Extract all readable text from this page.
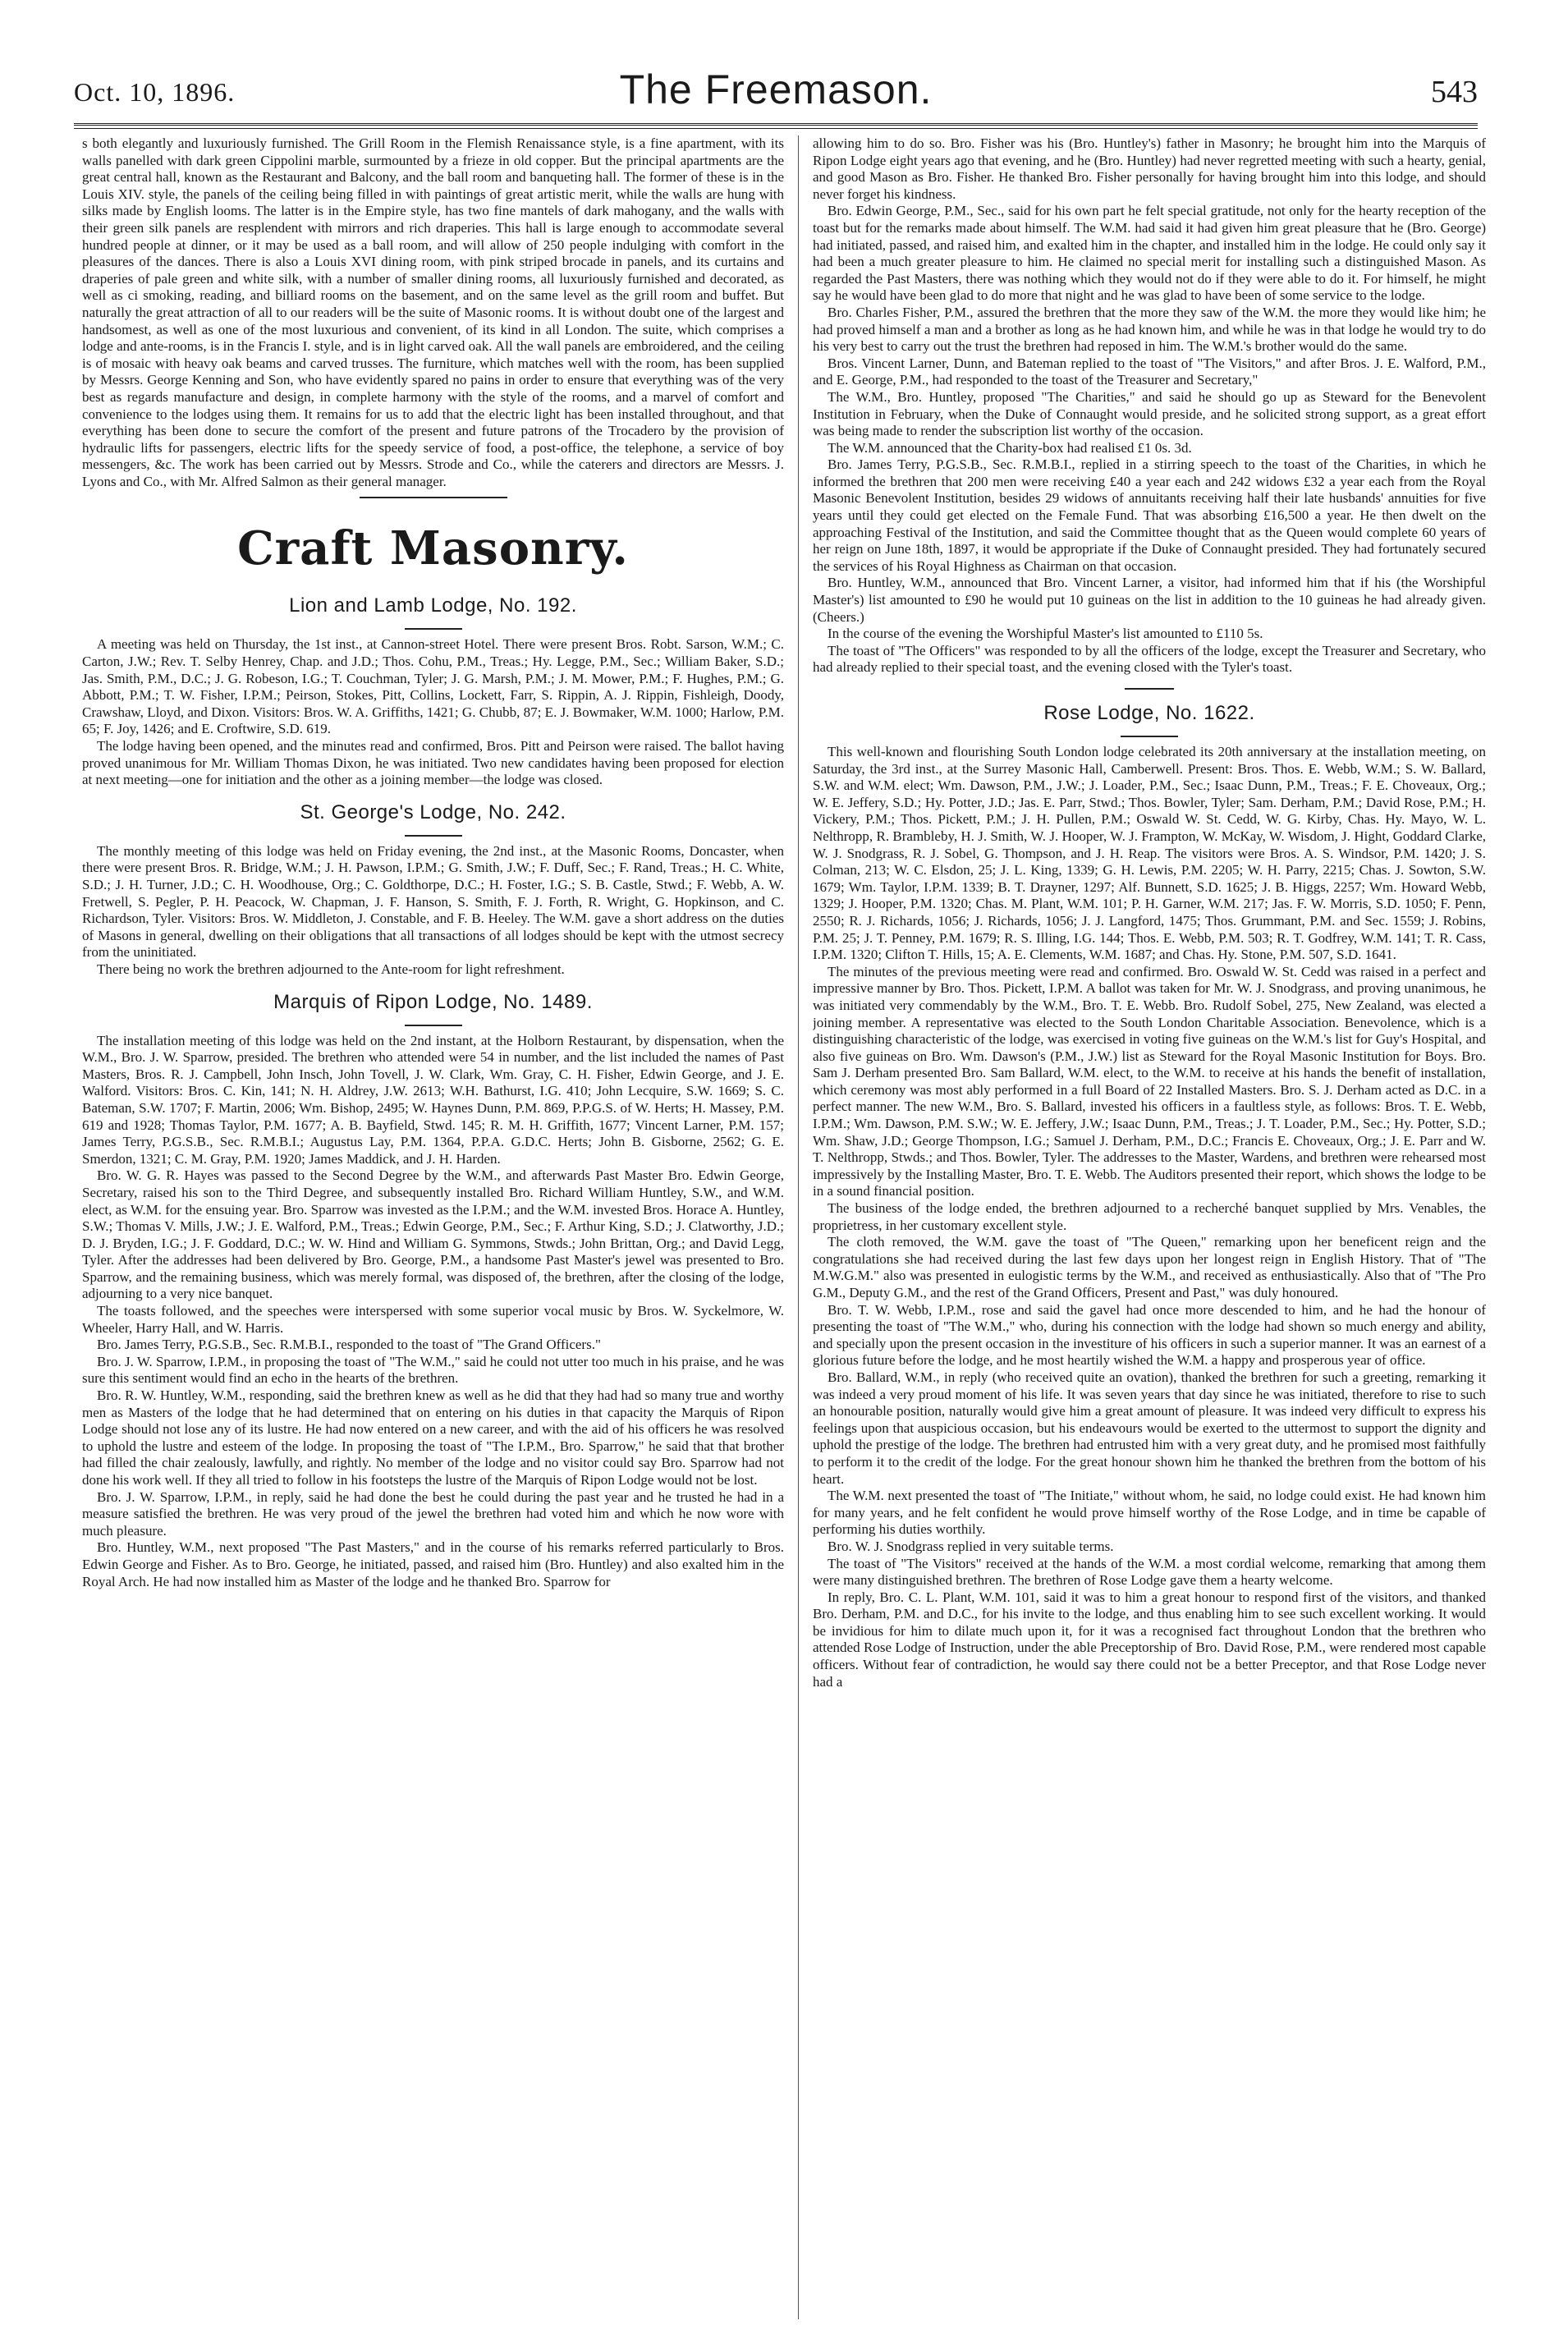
Oct. 10, 1896.	The Freemason.	543

s both elegantly and luxuriously furnished. The Grill Room in the Flemish Renaissance style, is a fine apartment, with its walls panelled with dark green Cippolini marble, surmounted by a frieze in old copper. But the principal apartments are the great central hall, known as the Restaurant and Balcony, and the ball room and banqueting hall. The former of these is in the Louis XIV. style, the panels of the ceiling being filled in with paintings of great artistic merit, while the walls are hung with silks made by English looms. The latter is in the Empire style, has two fine mantels of dark mahogany, and the walls with their green silk panels are resplendent with mirrors and rich draperies. This hall is large enough to accommodate several hundred people at dinner, or it may be used as a ball room, and will allow of 250 people indulging with comfort in the pleasures of the dances. There is also a Louis XVI dining room, with pink striped brocade in panels, and its curtains and draperies of pale green and white silk, with a number of smaller dining rooms, all luxuriously furnished and decorated, as well as ci smoking, reading, and billiard rooms on the basement, and on the same level as the grill room and buffet. But naturally the great attraction of all to our readers will be the suite of Masonic rooms. It is without doubt one of the largest and handsomest, as well as one of the most luxurious and convenient, of its kind in all London. The suite, which comprises a lodge and ante-rooms, is in the Francis I. style, and is in light carved oak. All the wall panels are embroidered, and the ceiling is of mosaic with heavy oak beams and carved trusses. The furniture, which matches well with the room, has been supplied by Messrs. George Kenning and Son, who have evidently spared no pains in order to ensure that everything was of the very best as regards manufacture and design, in complete harmony with the style of the rooms, and a marvel of comfort and convenience to the lodges using them. It remains for us to add that the electric light has been installed throughout, and that everything has been done to secure the comfort of the present and future patrons of the Trocadero by the provision of hydraulic lifts for passengers, electric lifts for the speedy service of food, a post-office, the telephone, a service of boy messengers, &c. The work has been carried out by Messrs. Strode and Co., while the caterers and directors are Messrs. J. Lyons and Co., with Mr. Alfred Salmon as their general manager.

Craft Masonry.
Lion and Lamb Lodge, No. 192.

A meeting was held on Thursday, the 1st inst., at Cannon-street Hotel. There were present Bros. Robt. Sarson, W.M.; C. Carton, J.W.; Rev. T. Selby Henrey, Chap. and J.D.; Thos. Cohu, P.M., Treas.; Hy. Legge, P.M., Sec.; William Baker, S.D.; Jas. Smith, P.M., D.C.; J. G. Robeson, I.G.; T. Couchman, Tyler; J. G. Marsh, P.M.; J. M. Mower, P.M.; F. Hughes, P.M.; G. Abbott, P.M.; T. W. Fisher, I.P.M.; Peirson, Stokes, Pitt, Collins, Lockett, Farr, S. Rippin, A. J. Rippin, Fishleigh, Doody, Crawshaw, Lloyd, and Dixon. Visitors: Bros. W. A. Griffiths, 1421; G. Chubb, 87; E. J. Bowmaker, W.M. 1000; Harlow, P.M. 65; F. Joy, 1426; and E. Croftwire, S.D. 619.

The lodge having been opened, and the minutes read and confirmed, Bros. Pitt and Peirson were raised. The ballot having proved unanimous for Mr. William Thomas Dixon, he was initiated. Two new candidates having been proposed for election at next meeting—one for initiation and the other as a joining member—the lodge was closed.

St. George's Lodge, No. 242.

The monthly meeting of this lodge was held on Friday evening, the 2nd inst., at the Masonic Rooms, Doncaster, when there were present Bros. R. Bridge, W.M.; J. H. Pawson, I.P.M.; G. Smith, J.W.; F. Duff, Sec.; F. Rand, Treas.; H. C. White, S.D.; J. H. Turner, J.D.; C. H. Woodhouse, Org.; C. Goldthorpe, D.C.; H. Foster, I.G.; S. B. Castle, Stwd.; F. Webb, A. W. Fretwell, S. Pegler, P. H. Peacock, W. Chapman, J. F. Hanson, S. Smith, F. J. Forth, R. Wright, G. Hopkinson, and C. Richardson, Tyler. Visitors: Bros. W. Middleton, J. Constable, and F. B. Heeley. The W.M. gave a short address on the duties of Masons in general, dwelling on their obligations that all transactions of all lodges should be kept with the utmost secrecy from the uninitiated.

There being no work the brethren adjourned to the Ante-room for light refreshment.

Marquis of Ripon Lodge, No. 1489.

The installation meeting of this lodge was held on the 2nd instant, at the Holborn Restaurant, by dispensation, when the W.M., Bro. J. W. Sparrow, presided. The brethren who attended were 54 in number, and the list included the names of Past Masters, Bros. R. J. Campbell, John Insch, John Tovell, J. W. Clark, Wm. Gray, C. H. Fisher, Edwin George, and J. E. Walford. Visitors: Bros. C. Kin, 141; N. H. Aldrey, J.W. 2613; W.H. Bathurst, I.G. 410; John Lecquire, S.W. 1669; S. C. Bateman, S.W. 1707; F. Martin, 2006; Wm. Bishop, 2495; W. Haynes Dunn, P.M. 869, P.P.G.S. of W. Herts; H. Massey, P.M. 619 and 1928; Thomas Taylor, P.M. 1677; A. B. Bayfield, Stwd. 145; R. M. H. Griffith, 1677; Vincent Larner, P.M. 157; James Terry, P.G.S.B., Sec. R.M.B.I.; Augustus Lay, P.M. 1364, P.P.A. G.D.C. Herts; John B. Gisborne, 2562; G. E. Smerdon, 1321; C. M. Gray, P.M. 1920; James Maddick, and J. H. Harden.

Bro. W. G. R. Hayes was passed to the Second Degree by the W.M., and afterwards Past Master Bro. Edwin George, Secretary, raised his son to the Third Degree, and subsequently installed Bro. Richard William Huntley, S.W., and W.M. elect, as W.M. for the ensuing year. Bro. Sparrow was invested as the I.P.M.; and the W.M. invested Bros. Horace A. Huntley, S.W.; Thomas V. Mills, J.W.; J. E. Walford, P.M., Treas.; Edwin George, P.M., Sec.; F. Arthur King, S.D.; J. Clatworthy, J.D.; D. J. Bryden, I.G.; J. F. Goddard, D.C.; W. W. Hind and William G. Symmons, Stwds.; John Brittan, Org.; and David Legg, Tyler. After the addresses had been delivered by Bro. George, P.M., a handsome Past Master's jewel was presented to Bro. Sparrow, and the remaining business, which was merely formal, was disposed of, the brethren, after the closing of the lodge, adjourning to a very nice banquet.

The toasts followed, and the speeches were interspersed with some superior vocal music by Bros. W. Syckelmore, W. Wheeler, Harry Hall, and W. Harris.

Bro. James Terry, P.G.S.B., Sec. R.M.B.I., responded to the toast of "The Grand Officers."

Bro. J. W. Sparrow, I.P.M., in proposing the toast of "The W.M.," said he could not utter too much in his praise, and he was sure this sentiment would find an echo in the hearts of the brethren.

Bro. R. W. Huntley, W.M., responding, said the brethren knew as well as he did that they had had so many true and worthy men as Masters of the lodge that he had determined that on entering on his duties in that capacity the Marquis of Ripon Lodge should not lose any of its lustre. He had now entered on a new career, and with the aid of his officers he was resolved to uphold the lustre and esteem of the lodge. In proposing the toast of "The I.P.M., Bro. Sparrow," he said that that brother had filled the chair zealously, lawfully, and rightly. No member of the lodge and no visitor could say Bro. Sparrow had not done his work well. If they all tried to follow in his footsteps the lustre of the Marquis of Ripon Lodge would not be lost.

Bro. J. W. Sparrow, I.P.M., in reply, said he had done the best he could during the past year and he trusted he had in a measure satisfied the brethren. He was very proud of the jewel the brethren had voted him and which he now wore with much pleasure.

Bro. Huntley, W.M., next proposed "The Past Masters," and in the course of his remarks referred particularly to Bros. Edwin George and Fisher. As to Bro. George, he initiated, passed, and raised him (Bro. Huntley) and also exalted him in the Royal Arch. He had now installed him as Master of the lodge and he thanked Bro. Sparrow for

allowing him to do so. Bro. Fisher was his (Bro. Huntley's) father in Masonry; he brought him into the Marquis of Ripon Lodge eight years ago that evening, and he (Bro. Huntley) had never regretted meeting with such a hearty, genial, and good Mason as Bro. Fisher. He thanked Bro. Fisher personally for having brought him into this lodge, and should never forget his kindness.

Bro. Edwin George, P.M., Sec., said for his own part he felt special gratitude, not only for the hearty reception of the toast but for the remarks made about himself. The W.M. had said it had given him great pleasure that he (Bro. George) had initiated, passed, and raised him, and exalted him in the chapter, and installed him in the lodge. He could only say it had been a much greater pleasure to him. He claimed no special merit for installing such a distinguished Mason. As regarded the Past Masters, there was nothing which they would not do if they were able to do it. For himself, he might say he would have been glad to do more that night and he was glad to have been of some service to the lodge.

Bro. Charles Fisher, P.M., assured the brethren that the more they saw of the W.M. the more they would like him; he had proved himself a man and a brother as long as he had known him, and while he was in that lodge he would try to do his very best to carry out the trust the brethren had reposed in him. The W.M.'s brother would do the same.

Bros. Vincent Larner, Dunn, and Bateman replied to the toast of "The Visitors," and after Bros. J. E. Walford, P.M., and E. George, P.M., had responded to the toast of the Treasurer and Secretary,"

The W.M., Bro. Huntley, proposed "The Charities," and said he should go up as Steward for the Benevolent Institution in February, when the Duke of Connaught would preside, and he solicited strong support, as a great effort was being made to render the subscription list worthy of the occasion.

The W.M. announced that the Charity-box had realised £1 0s. 3d.

Bro. James Terry, P.G.S.B., Sec. R.M.B.I., replied in a stirring speech to the toast of the Charities, in which he informed the brethren that 200 men were receiving £40 a year each and 242 widows £32 a year each from the Royal Masonic Benevolent Institution, besides 29 widows of annuitants receiving half their late husbands' annuities for five years until they could get elected on the Female Fund. That was absorbing £16,500 a year. He then dwelt on the approaching Festival of the Institution, and said the Committee thought that as the Queen would complete 60 years of her reign on June 18th, 1897, it would be appropriate if the Duke of Connaught presided. They had fortunately secured the services of his Royal Highness as Chairman on that occasion.

Bro. Huntley, W.M., announced that Bro. Vincent Larner, a visitor, had informed him that if his (the Worshipful Master's) list amounted to £90 he would put 10 guineas on the list in addition to the 10 guineas he had already given. (Cheers.)

In the course of the evening the Worshipful Master's list amounted to £110 5s.

The toast of "The Officers" was responded to by all the officers of the lodge, except the Treasurer and Secretary, who had already replied to their special toast, and the evening closed with the Tyler's toast.

Rose Lodge, No. 1622.

This well-known and flourishing South London lodge celebrated its 20th anniversary at the installation meeting, on Saturday, the 3rd inst., at the Surrey Masonic Hall, Camberwell. Present: Bros. Thos. E. Webb, W.M.; S. W. Ballard, S.W. and W.M. elect; Wm. Dawson, P.M., J.W.; J. Loader, P.M., Sec.; Isaac Dunn, P.M., Treas.; F. E. Choveaux, Org.; W. E. Jeffery, S.D.; Hy. Potter, J.D.; Jas. E. Parr, Stwd.; Thos. Bowler, Tyler; Sam. Derham, P.M.; David Rose, P.M.; H. Vickery, P.M.; Thos. Pickett, P.M.; J. H. Pullen, P.M.; Oswald W. St. Cedd, W. G. Kirby, Chas. Hy. Mayo, W. L. Nelthropp, R. Brambleby, H. J. Smith, W. J. Hooper, W. J. Frampton, W. McKay, W. Wisdom, J. Hight, Goddard Clarke, W. J. Snodgrass, R. J. Sobel, G. Thompson, and J. H. Reap. The visitors were Bros. A. S. Windsor, P.M. 1420; J. S. Colman, 213; W. C. Elsdon, 25; J. L. King, 1339; G. H. Lewis, P.M. 2205; W. H. Parry, 2215; Chas. J. Sowton, S.W. 1679; Wm. Taylor, I.P.M. 1339; B. T. Drayner, 1297; Alf. Bunnett, S.D. 1625; J. B. Higgs, 2257; Wm. Howard Webb, 1329; J. Hooper, P.M. 1320; Chas. M. Plant, W.M. 101; P. H. Garner, W.M. 217; Jas. F. W. Morris, S.D. 1050; F. Penn, 2550; R. J. Richards, 1056; J. Richards, 1056; J. J. Langford, 1475; Thos. Grummant, P.M. and Sec. 1559; J. Robins, P.M. 25; J. T. Penney, P.M. 1679; R. S. Illing, I.G. 144; Thos. E. Webb, P.M. 503; R. T. Godfrey, W.M. 141; T. R. Cass, I.P.M. 1320; Clifton T. Hills, 15; A. E. Clements, W.M. 1687; and Chas. Hy. Stone, P.M. 507, S.D. 1641.

The minutes of the previous meeting were read and confirmed. Bro. Oswald W. St. Cedd was raised in a perfect and impressive manner by Bro. Thos. Pickett, I.P.M. A ballot was taken for Mr. W. J. Snodgrass, and proving unanimous, he was initiated very commendably by the W.M., Bro. T. E. Webb. Bro. Rudolf Sobel, 275, New Zealand, was elected a joining member. A representative was elected to the South London Charitable Association. Benevolence, which is a distinguishing characteristic of the lodge, was exercised in voting five guineas on the W.M.'s list for Guy's Hospital, and also five guineas on Bro. Wm. Dawson's (P.M., J.W.) list as Steward for the Royal Masonic Institution for Boys. Bro. Sam J. Derham presented Bro. Sam Ballard, W.M. elect, to the W.M. to receive at his hands the benefit of installation, which ceremony was most ably performed in a full Board of 22 Installed Masters. Bro. S. J. Derham acted as D.C. in a perfect manner. The new W.M., Bro. S. Ballard, invested his officers in a faultless style, as follows: Bros. T. E. Webb, I.P.M.; Wm. Dawson, P.M. S.W.; W. E. Jeffery, J.W.; Isaac Dunn, P.M., Treas.; J. T. Loader, P.M., Sec.; Hy. Potter, S.D.; Wm. Shaw, J.D.; George Thompson, I.G.; Samuel J. Derham, P.M., D.C.; Francis E. Choveaux, Org.; J. E. Parr and W. T. Nelthropp, Stwds.; and Thos. Bowler, Tyler. The addresses to the Master, Wardens, and brethren were rehearsed most impressively by the Installing Master, Bro. T. E. Webb. The Auditors presented their report, which shows the lodge to be in a sound financial position.

The business of the lodge ended, the brethren adjourned to a recherché banquet supplied by Mrs. Venables, the proprietress, in her customary excellent style.

The cloth removed, the W.M. gave the toast of "The Queen," remarking upon her beneficent reign and the congratulations she had received during the last few days upon her longest reign in English History. That of "The M.W.G.M." also was presented in eulogistic terms by the W.M., and received as enthusiastically. Also that of "The Pro G.M., Deputy G.M., and the rest of the Grand Officers, Present and Past," was duly honoured.

Bro. T. W. Webb, I.P.M., rose and said the gavel had once more descended to him, and he had the honour of presenting the toast of "The W.M.," who, during his connection with the lodge had shown so much energy and ability, and specially upon the present occasion in the investiture of his officers in such a superior manner. It was an earnest of a glorious future before the lodge, and he most heartily wished the W.M. a happy and prosperous year of office.

Bro. Ballard, W.M., in reply (who received quite an ovation), thanked the brethren for such a greeting, remarking it was indeed a very proud moment of his life. It was seven years that day since he was initiated, therefore to rise to such an honourable position, naturally would give him a great amount of pleasure. It was indeed very difficult to express his feelings upon that auspicious occasion, but his endeavours would be exerted to the uttermost to support the dignity and uphold the prestige of the lodge. The brethren had entrusted him with a very great duty, and he promised most faithfully to perform it to the credit of the lodge. For the great honour shown him he thanked the brethren from the bottom of his heart.

The W.M. next presented the toast of "The Initiate," without whom, he said, no lodge could exist. He had known him for many years, and he felt confident he would prove himself worthy of the Rose Lodge, and in time be capable of performing his duties worthily.

Bro. W. J. Snodgrass replied in very suitable terms.

The toast of "The Visitors" received at the hands of the W.M. a most cordial welcome, remarking that among them were many distinguished brethren. The brethren of Rose Lodge gave them a hearty welcome.

In reply, Bro. C. L. Plant, W.M. 101, said it was to him a great honour to respond first of the visitors, and thanked Bro. Derham, P.M. and D.C., for his invite to the lodge, and thus enabling him to see such excellent working. It would be invidious for him to dilate much upon it, for it was a recognised fact throughout London that the brethren who attended Rose Lodge of Instruction, under the able Preceptorship of Bro. David Rose, P.M., were rendered most capable officers. Without fear of contradiction, he would say there could not be a better Preceptor, and that Rose Lodge never had a
